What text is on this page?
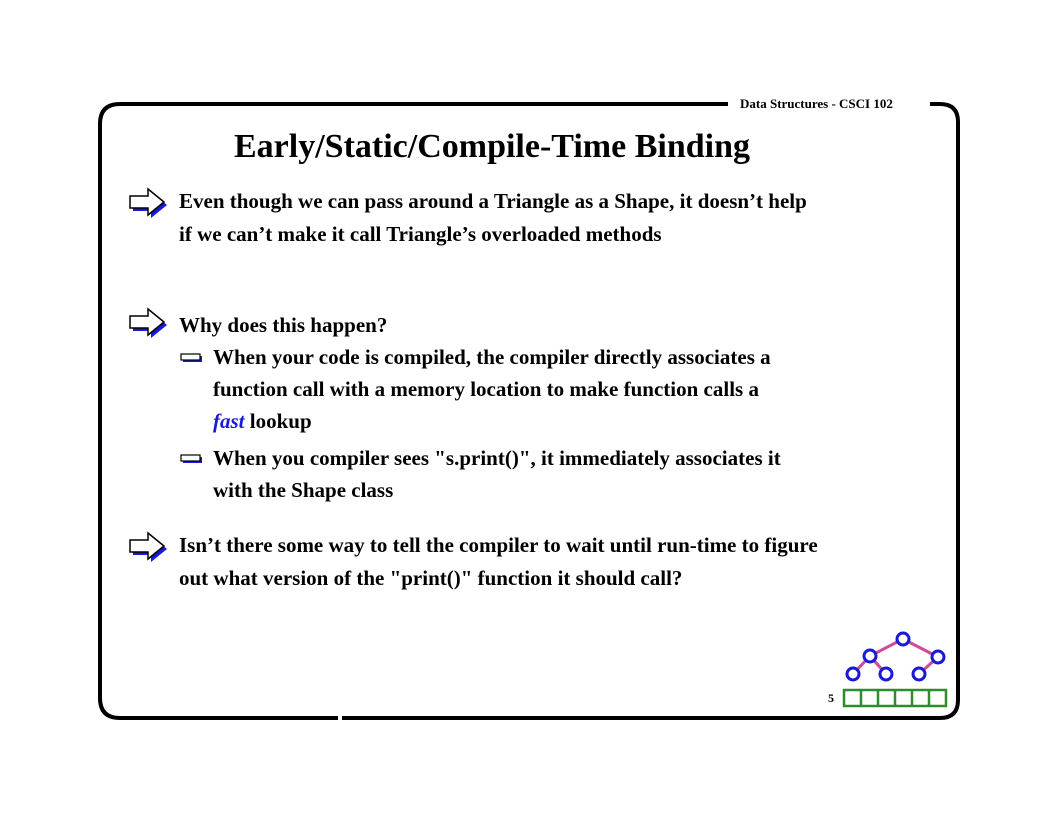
Data Structures - CSCI 102
Early/Static/Compile-Time Binding
Even though we can pass around a Triangle as a Shape, it doesn’t help if we can’t make it call Triangle’s overloaded methods
Why does this happen?
When your code is compiled, the compiler directly associates a function call with a memory location to make function calls a fast lookup
When you compiler sees "s.print()", it immediately associates it with the Shape class
Isn’t there some way to tell the compiler to wait until run-time to figure out what version of the "print()" function it should call?
5
